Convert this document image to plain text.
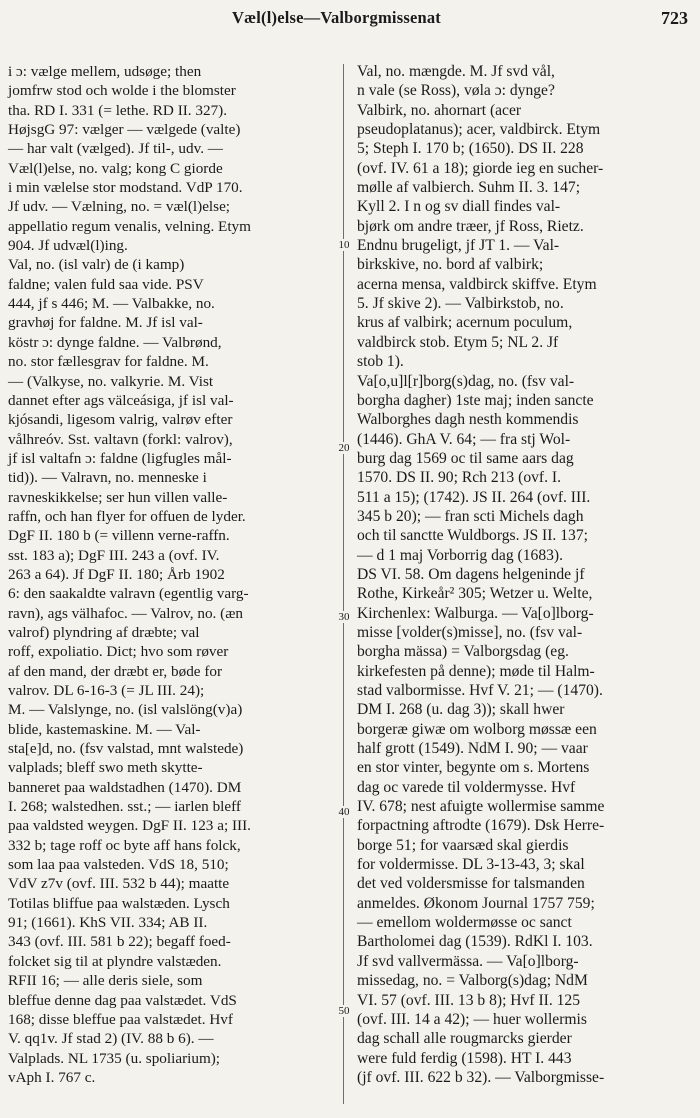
Væl(l)else—Valborgmissenat	723
i ɔ: vælge mellem, udsøge; then
jomfrw stod och wolde i the blomster
tha. RD I. 331 (= lethe. RD II. 327).
HøjsgG 97: vælger — vælgede (valte)
— har valt (vælged). Jf til-, udv. —
Væl(l)else, no. valg; kong C giorde
i min vælelse stor modstand. VdP 170.
Jf udv. — Vælning, no. = væl(l)else;
appellatio regum venalis, velning. Etym
904. Jf udvæl(l)ing.
Val, no. (isl valr) de (i kamp)
faldne; valen fuld saa vide. PSV
444, jf s 446; M. — Valbakke, no.
gravhøj for faldne. M. Jf isl val-
köstr ɔ: dynge faldne. — Valbrønd,
no. stor fællesgrav for faldne. M.
— (Valkyse, no. valkyrie. M. Vist
dannet efter ags välceásiga, jf isl val-
kjósandi, ligesom valrig, valrøv efter
vålhreóv. Sst. valtavn (forkl: valrov),
jf isl valtafn ɔ: faldne (ligfugles mål-
tid)). — Valravn, no. menneske i
ravneskikkelse; ser hun villen valle-
raffn, och han flyer for offuen de lyder.
DgF II. 180 b (= villenn verne-raffn.
sst. 183 a); DgF III. 243 a (ovf. IV.
263 a 64). Jf DgF II. 180; Årb 1902
6: den saakaldte valravn (egentlig varg-
ravn), ags välhafoc. — Valrov, no. (æn
valrof) plyndring af dræbte; val
roff, expoliatio. Dict; hvo som røver
af den mand, der dræbt er, bøde for
valrov. DL 6-16-3 (= JL III. 24);
M. — Valslynge, no. (isl valslöng(v)a)
blide, kastemaskine. M. — Val-
sta[e]d, no. (fsv valstad, mnt walstede)
valplads; bleff swo meth skytte-
banneret paa waldstadhen (1470). DM
I. 268; walstedhen. sst.; — iarlen bleff
paa valdsted weygen. DgF II. 123 a; III.
332 b; tage roff oc byte aff hans folck,
som laa paa valsteden. VdS 18, 510;
VdV z7v (ovf. III. 532 b 44); maatte
Totilas bliffue paa walstæden. Lysch
91; (1661). KhS VII. 334; AB II.
343 (ovf. III. 581 b 22); begaff foed-
folcket sig til at plyndre valstæden.
RFII 16; — alle deris siele, som
bleffue denne dag paa valstædet. VdS
168; disse bleffue paa valstædet. Hvf
V. qq1v. Jf stad 2) (IV. 88 b 6). —
Valplads. NL 1735 (u. spoliarium);
vAph I. 767 c.
Val, no. mængde. M. Jf svd vål,
n vale (se Ross), vøla ɔ: dynge?
Valbirk, no. ahornart (acer
pseudoplatanus); acer, valdbirck. Etym
5; Steph I. 170 b; (1650). DS II. 228
(ovf. IV. 61 a 18); giorde ieg en sucher-
mølle af valbierch. Suhm II. 3. 147;
Kyll 2. I n og sv diall findes val-
bjørk om andre træer, jf Ross, Rietz.
Endnu brugeligt, jf JT 1. — Val-
birkskive, no. bord af valbirk;
acerna mensa, valdbirck skiffve. Etym
5. Jf skive 2). — Valbirkstob, no.
krus af valbirk; acernum poculum,
valdbirck stob. Etym 5; NL 2. Jf
stob 1).
Va[o,u]l[r]borg(s)dag, no. (fsv val-
borgha dagher) 1ste maj; inden sancte
Walborghes dagh nesth kommendis
(1446). GhA V. 64; — fra stj Wol-
burg dag 1569 oc til same aars dag
1570. DS II. 90; Rch 213 (ovf. I.
511 a 15); (1742). JS II. 264 (ovf. III.
345 b 20); — fran scti Michels dagh
och til sanctte Wuldborgs. JS II. 137;
— d 1 maj Vorborrig dag (1683).
DS VI. 58. Om dagens helgeninde jf
Rothe, Kirkeår² 305; Wetzer u. Welte,
Kirchenlex: Walburga. — Va[o]lborg-
misse [volder(s)misse], no. (fsv val-
borgha mässa) = Valborgsdag (eg.
kirkefesten på denne); møde til Halm-
stad valbormisse. Hvf V. 21; — (1470).
DM I. 268 (u. dag 3)); skall hwer
borgeræ giwæ om wolborg møssæ een
half grott (1549). NdM I. 90; — vaar
en stor vinter, begynte om s. Mortens
dag oc varede til voldermysse. Hvf
IV. 678; nest afuigte wollermise samme
forpactning aftrodte (1679). Dsk Herre-
borge 51; for vaarsæd skal gierdis
for voldermisse. DL 3-13-43, 3; skal
det ved voldersmisse for talsmanden
anmeldes. Økonom Journal 1757 759;
— emellom woldermøsse oc sanct
Bartholomei dag (1539). RdKl I. 103.
Jf svd vallvermässa. — Va[o]lborg-
missedag, no. = Valborg(s)dag; NdM
VI. 57 (ovf. III. 13 b 8); Hvf II. 125
(ovf. III. 14 a 42); — huer wollermis
dag schall alle rougmarcks gierder
were fuld ferdig (1598). HT I. 443
(jf ovf. III. 622 b 32). — Valborgmisse-
10
20
30
40
50
